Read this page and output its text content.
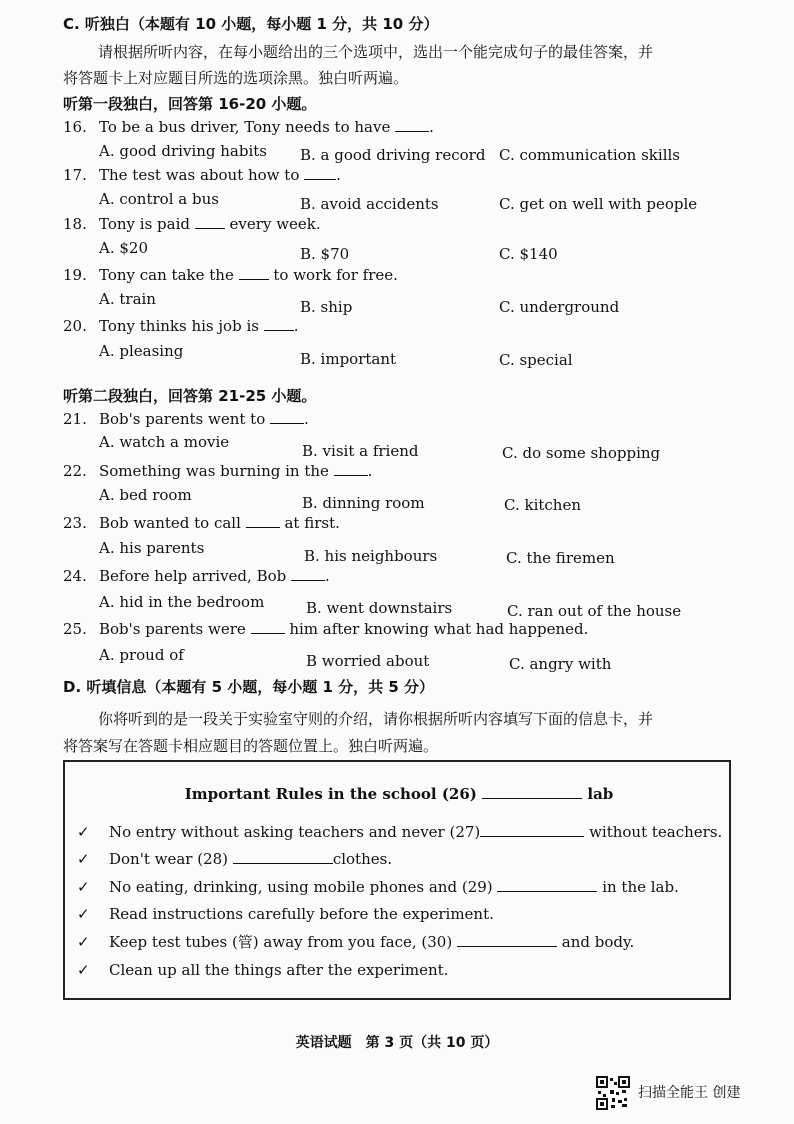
C. 听独白（本题有 10 小题，每小题 1 分，共 10 分）
请根据所听内容，在每小题给出的三个选项中，选出一个能完成句子的最佳答案，并
将答题卡上对应题目所选的选项涂黑。独白听两遍。
听第一段独白，回答第 16-20 小题。
16. To be a bus driver, Tony needs to have	.
A. good driving habits B. a good driving record C. communication skills
17. The test was about how to .
A. control a bus	B. avoid accidents	C. get on well with people
18. Tony is paid	every week.
A. $20	B. $70	C. $140
19. Tony can take the	to work for free.
A. train	B. ship	C. underground
20. Tony thinks his job is .
A. pleasing	B. important	C. special
听第二段独白，回答第 21-25 小题。
21. Bob's parents went to	.
A. watch a movie	B. visit a friend	C. do some shopping
22. Something was burning in the	.
A. bed room	B. dinning room	C. kitchen
23. Bob wanted to call	at first.
A. his parents	B. his neighbours	C. the firemen
24. Before help arrived, Bob	.
A. hid in the bedroom	B. went downstairs	C. ran out of the house
25. Bob's parents were	him after knowing what had happened.
A. proud of	B worried about	C. angry with
D. 听填信息（本题有 5 小题，每小题 1 分，共 5 分）
你将听到的是一段关于实验室守则的介绍，请你根据所听内容填写下面的信息卡，并
将答案写在答题卡相应题目的答题位置上。独白听两遍。
Important Rules in the school (26)	lab
✓ No entry without asking teachers and never (27)	without teachers.
✓ Don't wear (28)	clothes.
✓ No eating, drinking, using mobile phones and (29)	in the lab.
✓ Read instructions carefully before the experiment.
✓ Keep test tubes (管) away from you face, (30)	and body.
✓ Clean up all the things after the experiment.
英语试题　第 3 页（共 10 页）
扫描全能王 创建
